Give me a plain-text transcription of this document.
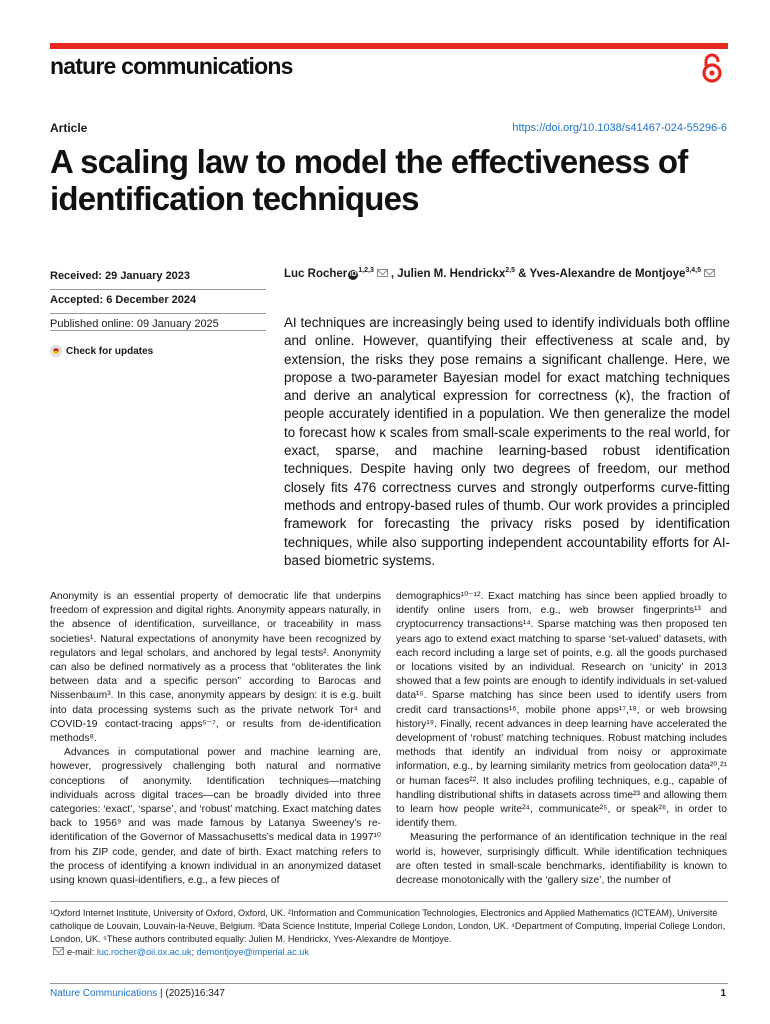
nature communications
Article	https://doi.org/10.1038/s41467-024-55296-6
A scaling law to model the effectiveness of identification techniques
Received: 29 January 2023
Accepted: 6 December 2024
Published online: 09 January 2025
Check for updates
Luc Rocher iD$^{1,2,3}$ , Julien M. Hendrickx$^{2,5}$ & Yves-Alexandre de Montjoye$^{3,4,5}$

AI techniques are increasingly being used to identify individuals both offline and online. However, quantifying their effectiveness at scale and, by extension, the risks they pose remains a significant challenge. Here, we propose a two-parameter Bayesian model for exact matching techniques and derive an analytical expression for correctness (κ), the fraction of people accurately identified in a population. We then generalize the model to forecast how κ scales from small-scale experiments to the real world, for exact, sparse, and machine learning-based robust identification techniques. Despite having only two degrees of freedom, our method closely fits 476 correctness curves and strongly outperforms curve-fitting methods and entropy-based rules of thumb. Our work provides a principled framework for forecasting the privacy risks posed by identification techniques, while also supporting independent accountability efforts for AI-based biometric systems.

Anonymity is an essential property of democratic life that underpins freedom of expression and digital rights. Anonymity appears naturally, in the absence of identification, surveillance, or traceability in mass societies¹. Natural expectations of anonymity have been recognized by regulators and legal scholars, and anchored by legal tests². Anonymity can also be defined normatively as a process that “obliterates the link between data and a specific person” according to Barocas and Nissenbaum³. In this case, anonymity appears by design: it is e.g. built into data processing systems such as the private network Tor⁴ and COVID-19 contact-tracing apps⁵⁻⁷, or results from de-identification methods⁸.

Advances in computational power and machine learning are, however, progressively challenging both natural and normative conceptions of anonymity. Identification techniques—matching individuals across digital traces—can be broadly divided into three categories: ‘exact’, ‘sparse’, and ‘robust’ matching. Exact matching dates back to 1956⁹ and was made famous by Latanya Sweeney’s re-identification of the Governor of Massachusetts’s medical data in 1997¹⁰ from his ZIP code, gender, and date of birth. Exact matching refers to the process of identifying a known individual in an anonymized dataset using known quasi-identifiers, e.g., a few pieces of

demographics¹⁰⁻¹². Exact matching has since been applied broadly to identify online users from, e.g., web browser fingerprints¹³ and cryptocurrency transactions¹⁴. Sparse matching was then proposed ten years ago to extend exact matching to sparse ‘set-valued’ datasets, with each record including a large set of points, e.g. all the goods purchased or locations visited by an individual. Research on ‘unicity’ in 2013 showed that a few points are enough to identify individuals in set-valued data¹⁵. Sparse matching has since been used to identify users from credit card transactions¹⁶, mobile phone apps¹⁷,¹⁸, or web browsing history¹⁹. Finally, recent advances in deep learning have accelerated the development of ‘robust’ matching techniques. Robust matching includes methods that identify an individual from noisy or approximate information, e.g., by learning similarity metrics from geolocation data²⁰,²¹ or human faces²². It also includes profiling techniques, e.g., capable of handling distributional shifts in datasets across time²³ and allowing them to learn how people write²⁴, communicate²⁵, or speak²⁶, in order to identify them.

Measuring the performance of an identification technique in the real world is, however, surprisingly difficult. While identification techniques are often tested in small-scale benchmarks, identifiability is known to decrease monotonically with the ‘gallery size’, the number of

¹Oxford Internet Institute, University of Oxford, Oxford, UK. ²Information and Communication Technologies, Electronics and Applied Mathematics (ICTEAM), Université catholique de Louvain, Louvain-la-Neuve, Belgium. ³Data Science Institute, Imperial College London, London, UK. ⁴Department of Computing, Imperial College London, London, UK. ⁵These authors contributed equally: Julien M. Hendrickx, Yves-Alexandre de Montjoye.

e-mail: luc.rocher@oii.ox.ac.uk; demontjoye@imperial.ac.uk

Nature Communications | (2025)16:347	1
